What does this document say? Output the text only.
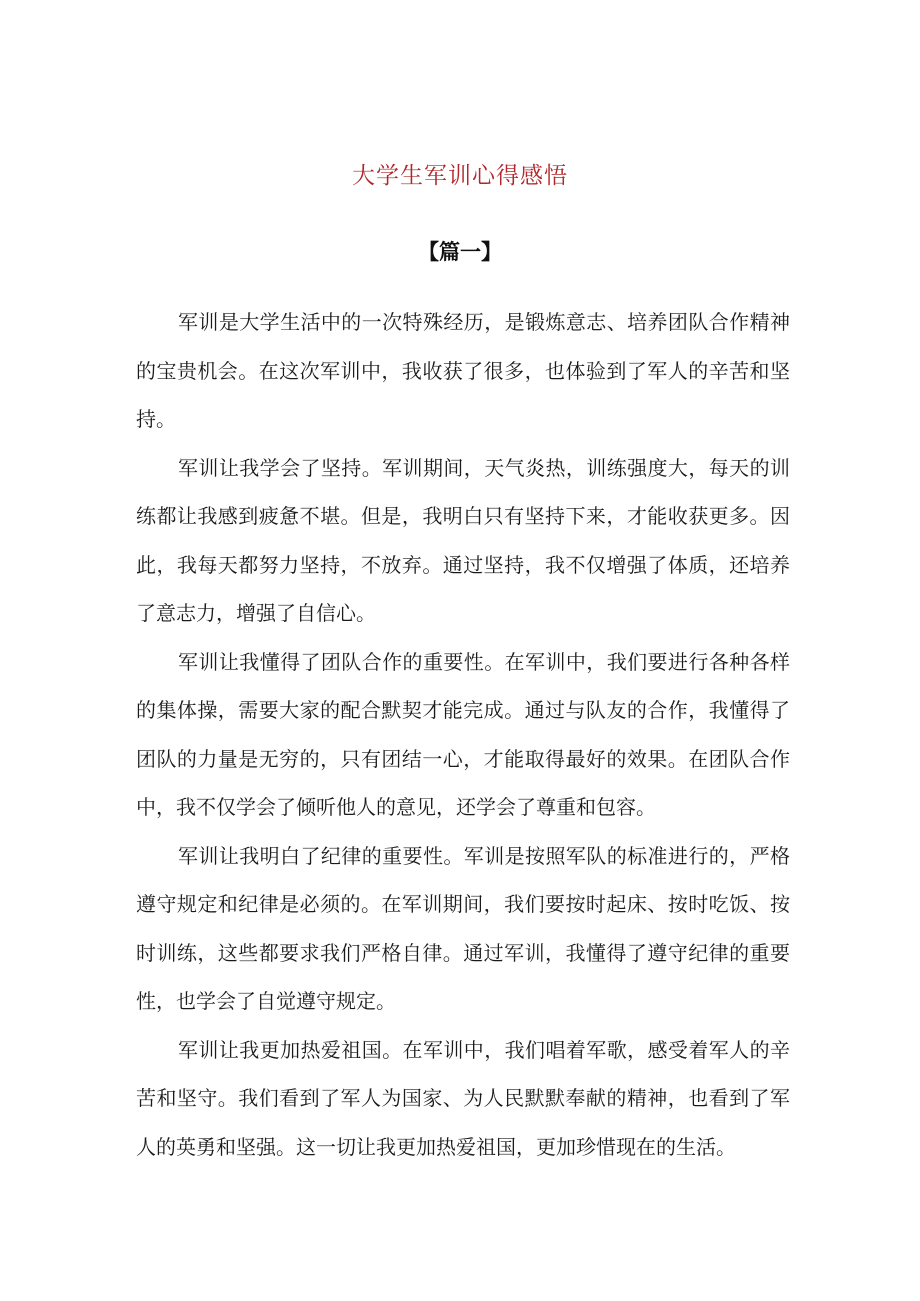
大学生军训心得感悟
【篇一】

军训是大学生活中的一次特殊经历，是锻炼意志、培养团队合作精神的宝贵机会。在这次军训中，我收获了很多，也体验到了军人的辛苦和坚持。

军训让我学会了坚持。军训期间，天气炎热，训练强度大，每天的训练都让我感到疲惫不堪。但是，我明白只有坚持下来，才能收获更多。因此，我每天都努力坚持，不放弃。通过坚持，我不仅增强了体质，还培养了意志力，增强了自信心。

军训让我懂得了团队合作的重要性。在军训中，我们要进行各种各样的集体操，需要大家的配合默契才能完成。通过与队友的合作，我懂得了团队的力量是无穷的，只有团结一心，才能取得最好的效果。在团队合作中，我不仅学会了倾听他人的意见，还学会了尊重和包容。

军训让我明白了纪律的重要性。军训是按照军队的标准进行的，严格遵守规定和纪律是必须的。在军训期间，我们要按时起床、按时吃饭、按时训练，这些都要求我们严格自律。通过军训，我懂得了遵守纪律的重要性，也学会了自觉遵守规定。

军训让我更加热爱祖国。在军训中，我们唱着军歌，感受着军人的辛苦和坚守。我们看到了军人为国家、为人民默默奉献的精神，也看到了军人的英勇和坚强。这一切让我更加热爱祖国，更加珍惜现在的生活。
